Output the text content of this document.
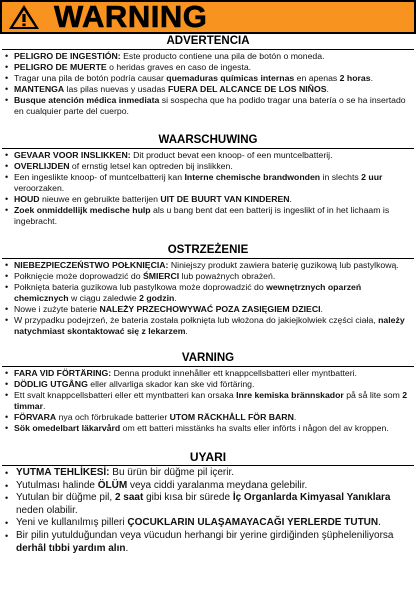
WARNING
ADVERTENCIA
• PELIGRO DE INGESTIÓN: Este producto contiene una pila de botón o moneda.
• PELIGRO DE MUERTE o heridas graves en caso de ingesta.
• Tragar una pila de botón podría causar quemaduras químicas internas en apenas 2 horas.
• MANTENGA las pilas nuevas y usadas FUERA DEL ALCANCE DE LOS NIÑOS.
• Busque atención médica inmediata si sospecha que ha podido tragar una batería o se ha insertado en cualquier parte del cuerpo.
WAARSCHUWING
• GEVAAR VOOR INSLIKKEN: Dit product bevat een knoop- of een muntcelbatterij.
• OVERLIJDEN of ernstig letsel kan optreden bij inslikken.
• Een ingeslikte knoop- of muntcelbatterij kan Interne chemische brandwonden in slechts 2 uur veroorzaken.
• HOUD nieuwe en gebruikte batterijen UIT DE BUURT VAN KINDEREN.
• Zoek onmiddellijk medische hulp als u bang bent dat een batterij is ingeslikt of in het lichaam is ingebracht.
OSTRZEŻENIE
• NIEBEZPIECZEŃSTWO POŁKNIĘCIA: Niniejszy produkt zawiera baterię guzikową lub pastylkową.
• Połknięcie może doprowadzić do ŚMIERCI lub poważnych obrażeń.
• Połknięta bateria guzikowa lub pastylkowa może doprowadzić do wewnętrznych oparzeń chemicznych w ciągu zaledwie 2 godzin.
• Nowe i zużyte baterie NALEŻY PRZECHOWYWAĆ POZA ZASIĘGIEM DZIECI.
• W przypadku podejrzeń, że bateria została połknięta lub włożona do jakiejkolwiek części ciała, należy natychmiast skontaktować się z lekarzem.
VARNING
• FARA VID FÖRTÄRING: Denna produkt innehåller ett knappcellsbatteri eller myntbatteri.
• DÖDLIG UTGÅNG eller allvarliga skador kan ske vid förtäring.
• Ett svalt knappcellsbatteri eller ett myntbatteri kan orsaka Inre kemiska brännskador på så lite som 2 timmar.
• FÖRVARA nya och förbrukade batterier UTOM RÄCKHÅLL FÖR BARN.
• Sök omedelbart läkarvård om ett batteri misstänks ha svalts eller införts i någon del av kroppen.
UYARI
• YUTMA TEHLİKESİ: Bu ürün bir düğme pil içerir.
• Yutulması halinde ÖLÜM veya ciddi yaralanma meydana gelebilir.
• Yutulan bir düğme pil, 2 saat gibi kısa bir sürede İç Organlarda Kimyasal Yanıklara neden olabilir.
• Yeni ve kullanılmış pilleri ÇOCUKLARIN ULAŞAMAYACAĞI YERLERDE TUTUN.
• Bir pilin yutulduğundan veya vücudun herhangi bir yerine girdiğinden şüpheleniliyorsa derhâl tıbbi yardım alın.
